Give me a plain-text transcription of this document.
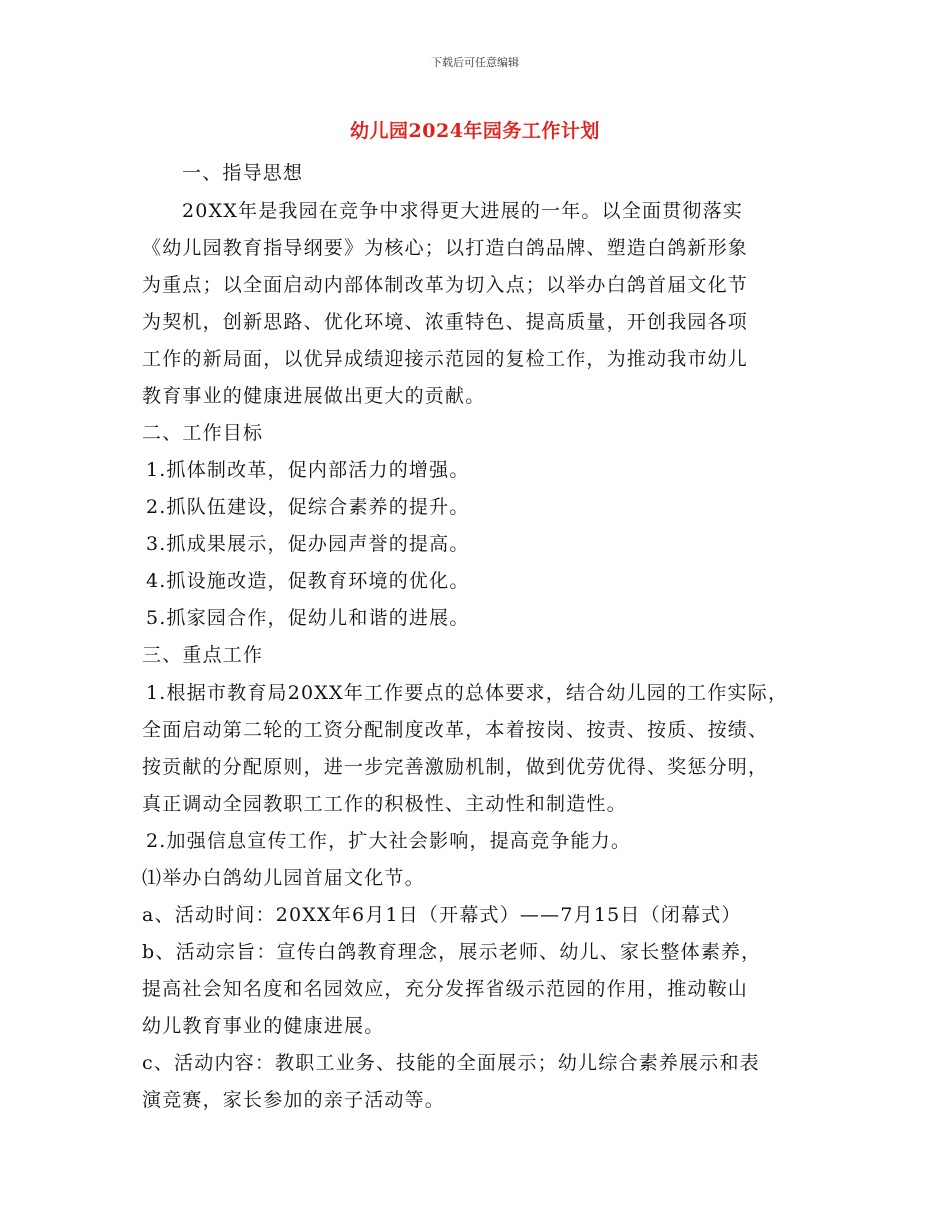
下载后可任意编辑
幼儿园2024年园务工作计划
一、指导思想
20XX年是我园在竞争中求得更大进展的一年。以全面贯彻落实
《幼儿园教育指导纲要》为核心；以打造白鸽品牌、塑造白鸽新形象
为重点；以全面启动内部体制改革为切入点；以举办白鸽首届文化节
为契机，创新思路、优化环境、浓重特色、提高质量，开创我园各项
工作的新局面，以优异成绩迎接示范园的复检工作，为推动我市幼儿
教育事业的健康进展做出更大的贡献。
二、工作目标
1.抓体制改革，促内部活力的增强。
2.抓队伍建设，促综合素养的提升。
3.抓成果展示，促办园声誉的提高。
4.抓设施改造，促教育环境的优化。
5.抓家园合作，促幼儿和谐的进展。
三、重点工作
1.根据市教育局20XX年工作要点的总体要求，结合幼儿园的工作实际，
全面启动第二轮的工资分配制度改革，本着按岗、按责、按质、按绩、
按贡献的分配原则，进一步完善激励机制，做到优劳优得、奖惩分明，
真正调动全园教职工工作的积极性、主动性和制造性。
2.加强信息宣传工作，扩大社会影响，提高竞争能力。
⑴举办白鸽幼儿园首届文化节。
a、活动时间：20XX年6月1日（开幕式）——7月15日（闭幕式）
b、活动宗旨：宣传白鸽教育理念，展示老师、幼儿、家长整体素养，
提高社会知名度和名园效应，充分发挥省级示范园的作用，推动鞍山
幼儿教育事业的健康进展。
c、活动内容：教职工业务、技能的全面展示；幼儿综合素养展示和表
演竞赛，家长参加的亲子活动等。
